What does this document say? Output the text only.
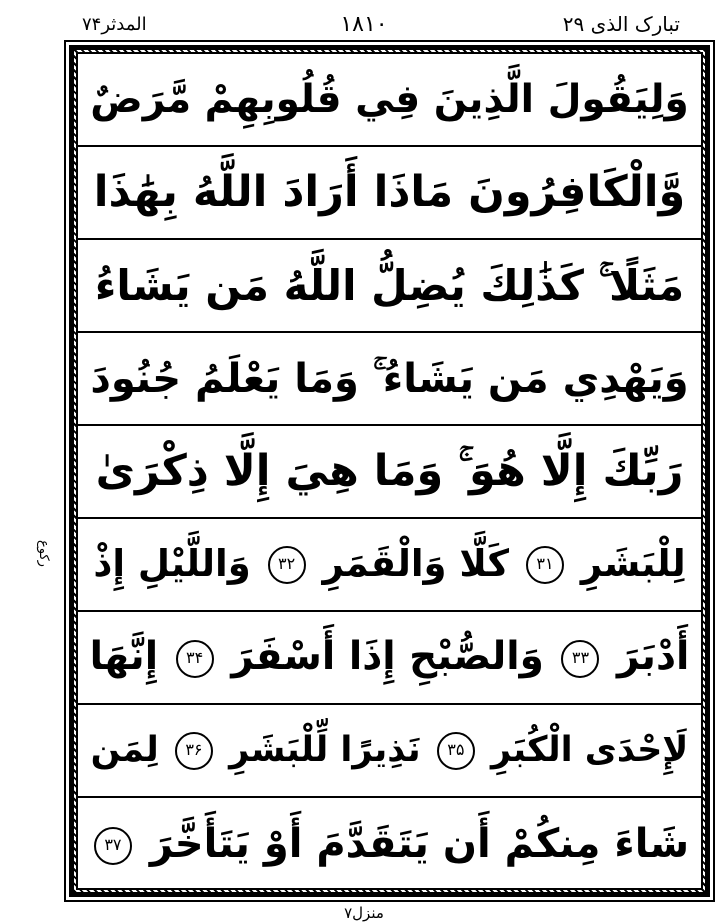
المدثر۷۴	۱۸۱۰	تبارک الذی ۲۹
رکوع
وَلِيَقُولَ الَّذِينَ فِي قُلُوبِهِمْ مَّرَضٌ
وَّالْكَافِرُونَ مَاذَا أَرَادَ اللَّهُ بِهَٰذَا
مَثَلًا ۚ كَذَٰلِكَ يُضِلُّ اللَّهُ مَن يَشَاءُ
وَيَهْدِي مَن يَشَاءُ ۚ وَمَا يَعْلَمُ جُنُودَ
رَبِّكَ إِلَّا هُوَ ۚ وَمَا هِيَ إِلَّا ذِكْرَىٰ
لِلْبَشَرِ ۳۱ كَلَّا وَالْقَمَرِ ۳۲ وَاللَّيْلِ إِذْ
أَدْبَرَ ۳۳ وَالصُّبْحِ إِذَا أَسْفَرَ ۳۴ إِنَّهَا
لَإِحْدَى الْكُبَرِ ۳۵ نَذِيرًا لِّلْبَشَرِ ۳۶ لِمَن
شَاءَ مِنكُمْ أَن يَتَقَدَّمَ أَوْ يَتَأَخَّرَ ۳۷
منزل۷
